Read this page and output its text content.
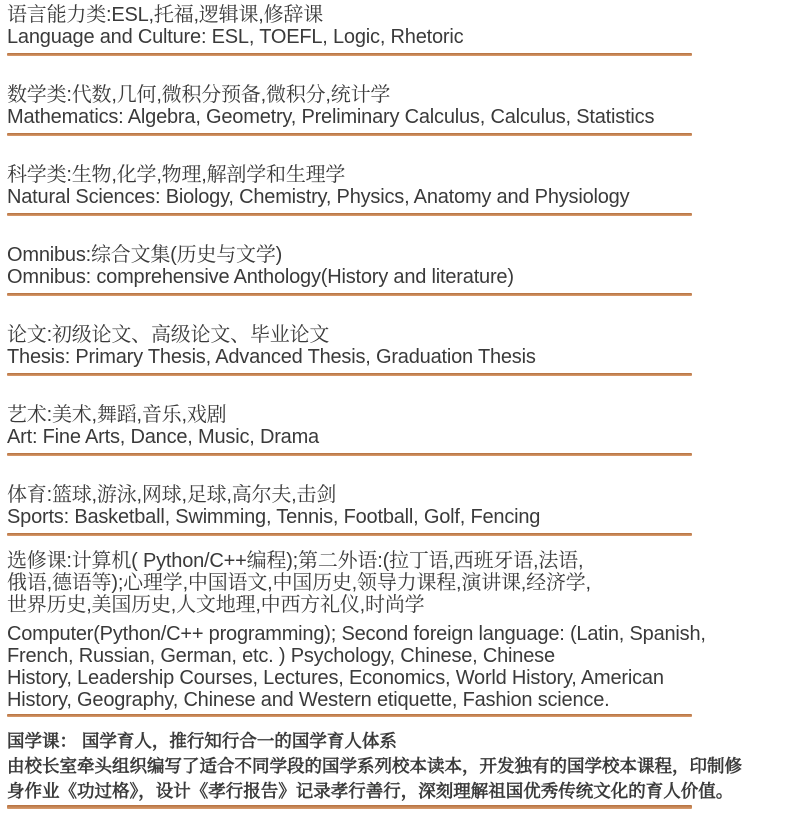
语言能力类:ESL,托福,逻辑课,修辞课
Language and Culture: ESL, TOEFL, Logic, Rhetoric
数学类:代数,几何,微积分预备,微积分,统计学
Mathematics: Algebra, Geometry, Preliminary Calculus, Calculus, Statistics
科学类:生物,化学,物理,解剖学和生理学
Natural Sciences: Biology, Chemistry, Physics, Anatomy and Physiology
Omnibus:综合文集(历史与文学)
Omnibus: comprehensive Anthology(History and literature)
论文:初级论文、高级论文、毕业论文
Thesis: Primary Thesis, Advanced Thesis, Graduation Thesis
艺术:美术,舞蹈,音乐,戏剧
Art: Fine Arts, Dance, Music, Drama
体育:篮球,游泳,网球,足球,高尔夫,击剑
Sports: Basketball, Swimming, Tennis, Football, Golf, Fencing
选修课:计算机( Python/C++编程);第二外语:(拉丁语,西班牙语,法语,
俄语,德语等);心理学,中国语文,中国历史,领导力课程,演讲课,经济学,
世界历史,美国历史,人文地理,中西方礼仪,时尚学
Computer(Python/C++ programming); Second foreign language: (Latin, Spanish,
French, Russian, German, etc. ) Psychology, Chinese, Chinese
History, Leadership Courses, Lectures, Economics, World History, American
History, Geography, Chinese and Western etiquette, Fashion science.
国学课： 国学育人，推行知行合一的国学育人体系
由校长室牵头组织编写了适合不同学段的国学系列校本读本，开发独有的国学校本课程，印制修
身作业《功过格》，设计《孝行报告》记录孝行善行，深刻理解祖国优秀传统文化的育人价值。
